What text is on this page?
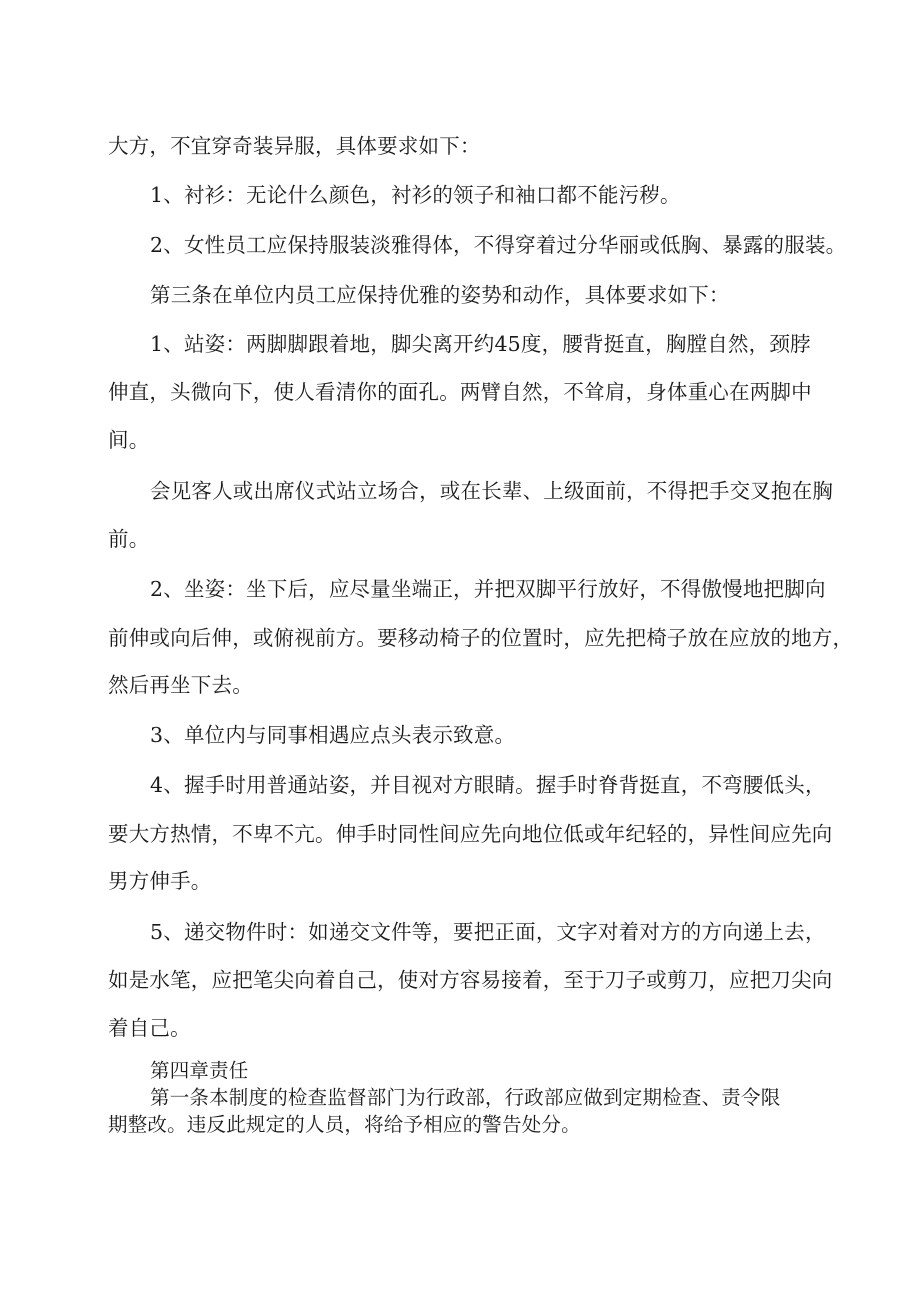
大方，不宜穿奇装异服，具体要求如下：
1、衬衫：无论什么颜色，衬衫的领子和袖口都不能污秽。
2、女性员工应保持服装淡雅得体，不得穿着过分华丽或低胸、暴露的服装。
第三条在单位内员工应保持优雅的姿势和动作，具体要求如下：
1、站姿：两脚脚跟着地，脚尖离开约45度，腰背挺直，胸膛自然，颈脖
伸直，头微向下，使人看清你的面孔。两臂自然，不耸肩，身体重心在两脚中
间。
会见客人或出席仪式站立场合，或在长辈、上级面前，不得把手交叉抱在胸
前。
2、坐姿：坐下后，应尽量坐端正，并把双脚平行放好，不得傲慢地把脚向
前伸或向后伸，或俯视前方。要移动椅子的位置时，应先把椅子放在应放的地方，
然后再坐下去。
3、单位内与同事相遇应点头表示致意。
4、握手时用普通站姿，并目视对方眼睛。握手时脊背挺直，不弯腰低头，
要大方热情，不卑不亢。伸手时同性间应先向地位低或年纪轻的，异性间应先向
男方伸手。
5、递交物件时：如递交文件等，要把正面，文字对着对方的方向递上去，
如是水笔，应把笔尖向着自己，使对方容易接着，至于刀子或剪刀，应把刀尖向
着自己。
第四章责任
第一条本制度的检查监督部门为行政部，行政部应做到定期检查、责令限
期整改。违反此规定的人员，将给予相应的警告处分。
